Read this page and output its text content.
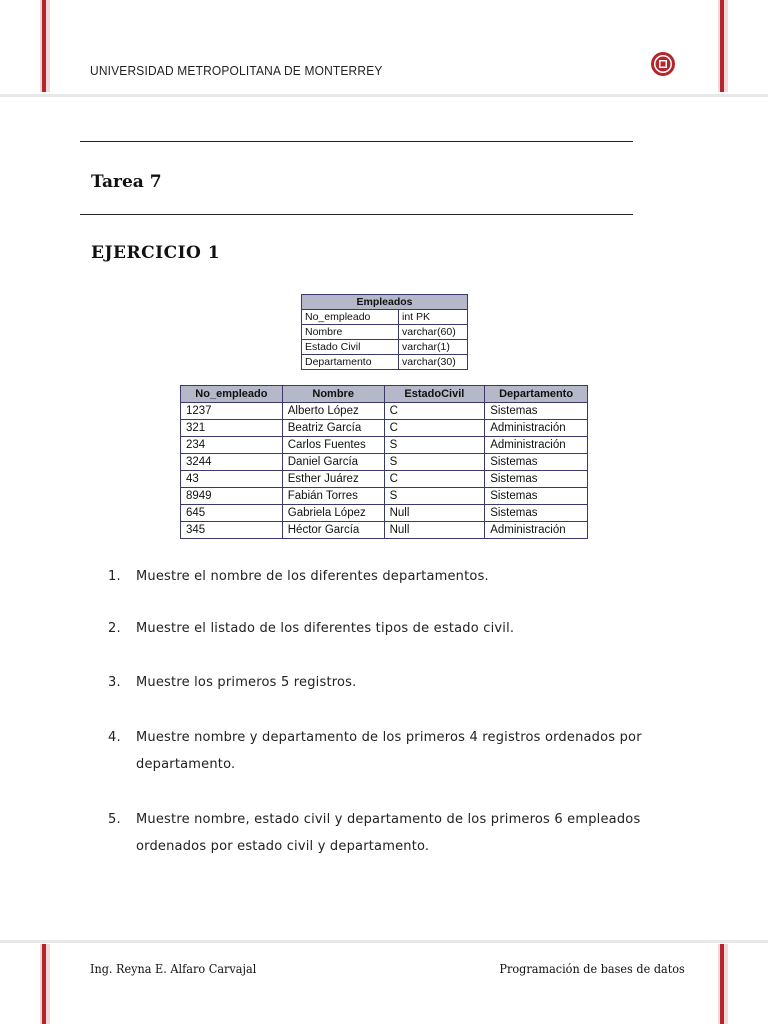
UNIVERSIDAD METROPOLITANA DE MONTERREY
Tarea 7
EJERCICIO 1
Empleados	
No_empleado	int PK
Nombre	varchar(60)
Estado Civil	varchar(1)
Departamento	varchar(30)
No_empleado	Nombre	EstadoCivil	Departamento
1237	Alberto López	C	Sistemas
321	Beatriz García	C	Administración
234	Carlos Fuentes	S	Administración
3244	Daniel García	S	Sistemas
43	Esther Juárez	C	Sistemas
8949	Fabián Torres	S	Sistemas
645	Gabriela López	Null	Sistemas
345	Héctor García	Null	Administración
1.	Muestre el nombre de los diferentes departamentos.
2.	Muestre el listado de los diferentes tipos de estado civil.
3.	Muestre los primeros 5 registros.
4.	Muestre nombre y departamento de los primeros 4 registros ordenados por departamento.
5.	Muestre nombre, estado civil y departamento de los primeros 6 empleados ordenados por estado civil y departamento.
Ing. Reyna E. Alfaro Carvajal	Programación de bases de datos
